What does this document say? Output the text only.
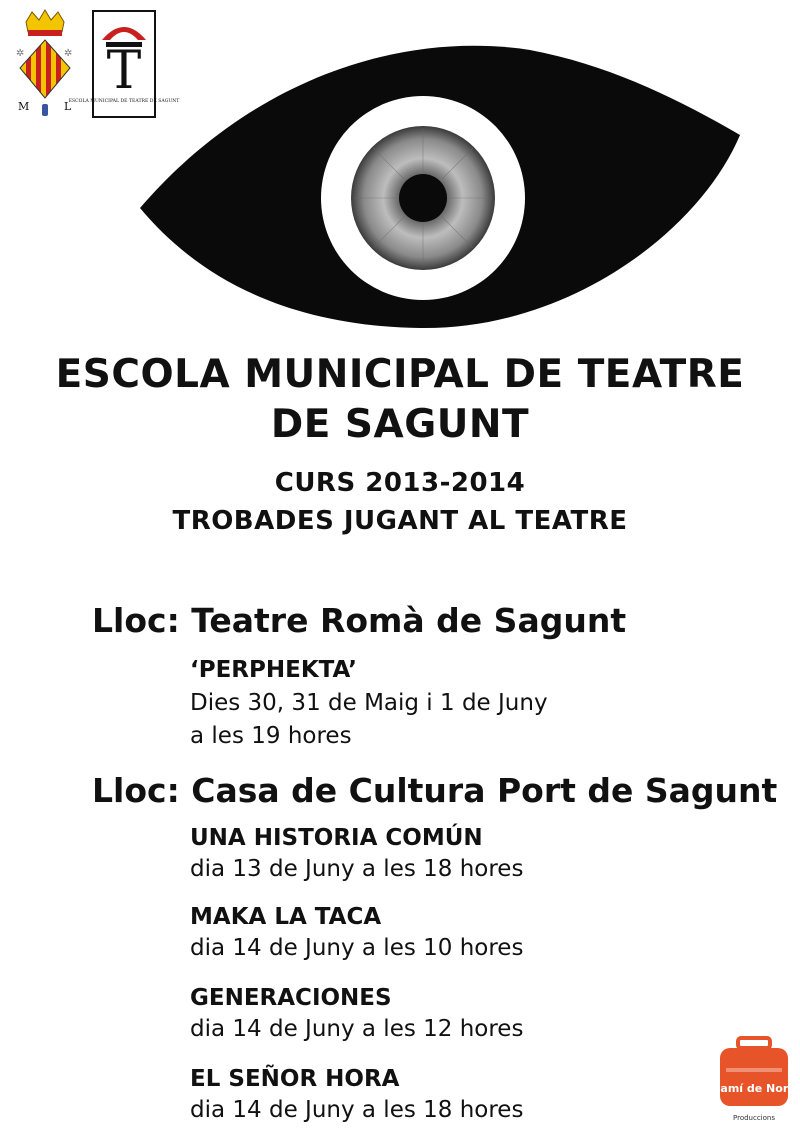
✲	✲
M	L
T
ESCOLA MUNICIPAL DE TEATRE DE SAGUNT
ESCOLA MUNICIPAL DE TEATRE
DE SAGUNT
CURS 2013-2014
TROBADES JUGANT AL TEATRE
Lloc: Teatre Romà de Sagunt
‘PERPHEKTA’
Dies 30, 31 de Maig i 1 de Juny
a les 19 hores
Lloc: Casa de Cultura Port de Sagunt
UNA HISTORIA COMÚN
dia 13 de Juny a les 18 hores
MAKA LA TACA
dia 14 de Juny a les 10 hores
GENERACIONES
dia 14 de Juny a les 12 hores
EL SEÑOR HORA
dia 14 de Juny a les 18 hores
Camí de Nora
Produccions
